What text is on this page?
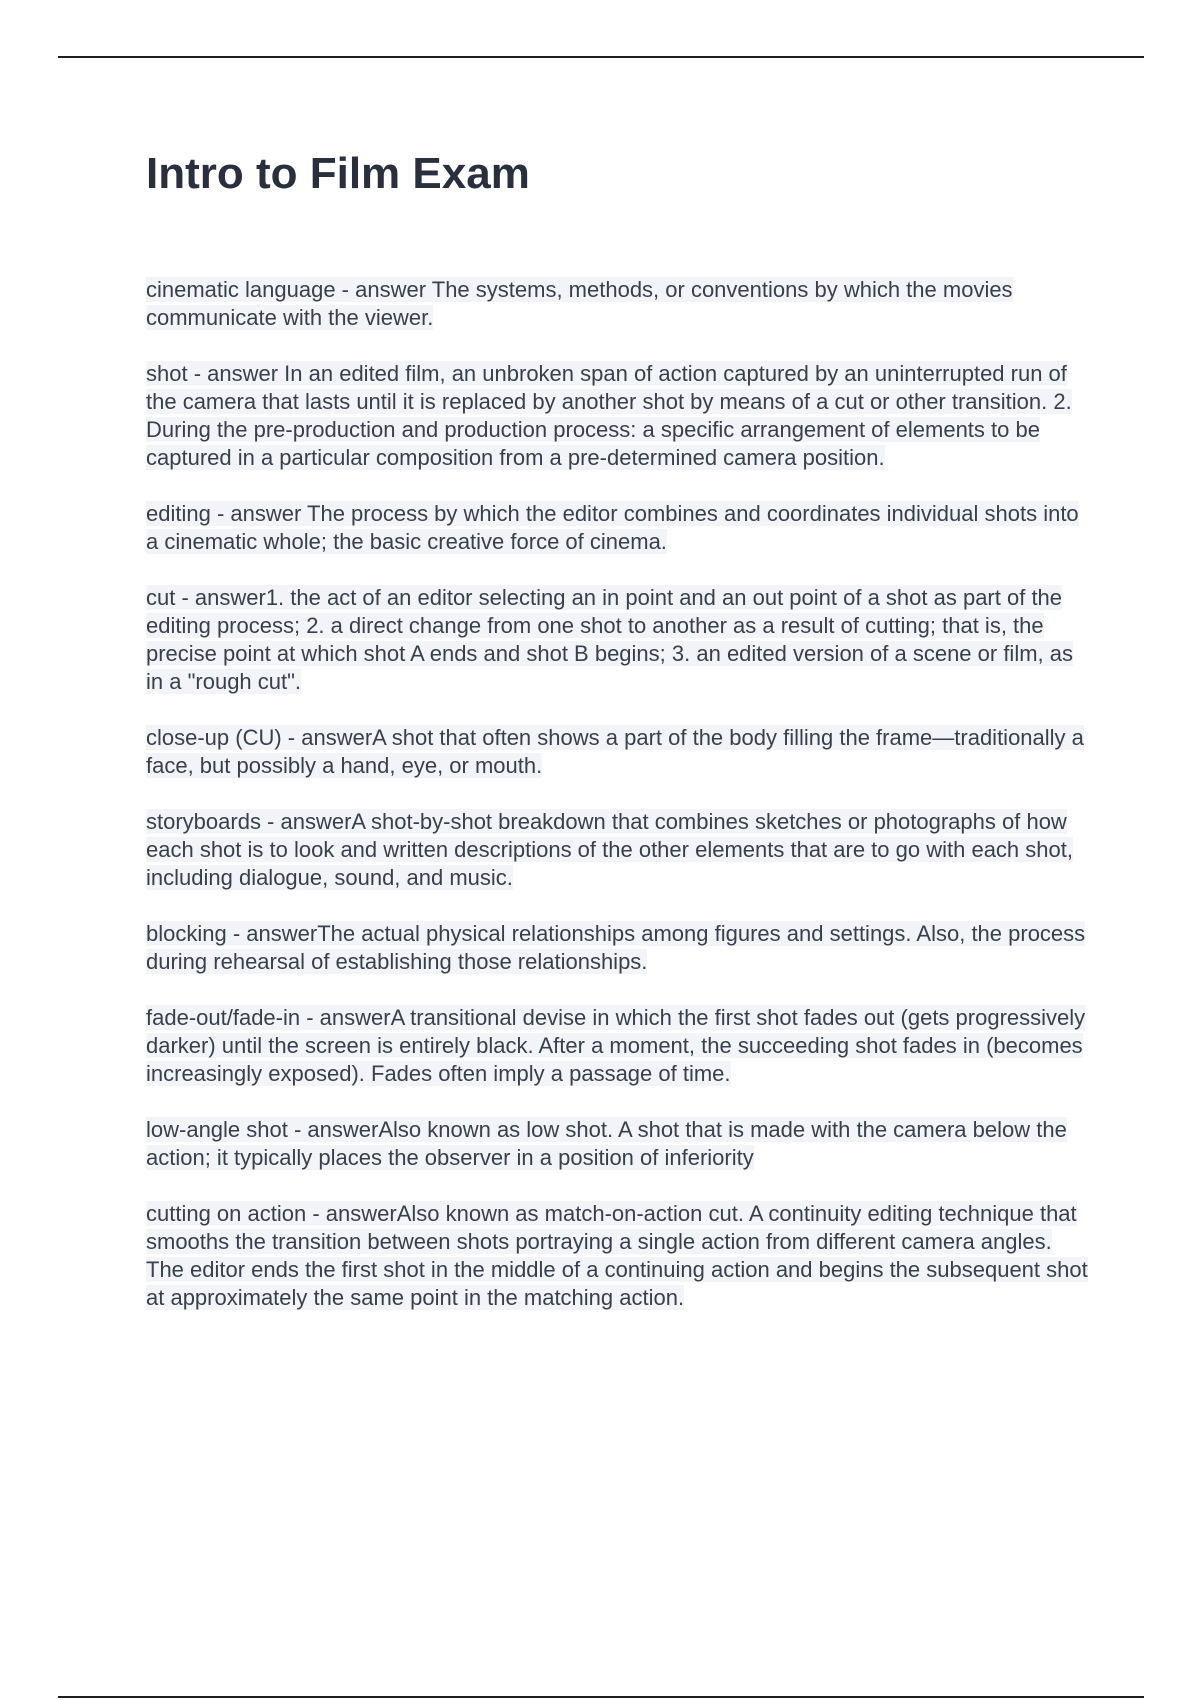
Intro to Film Exam

cinematic language - answer The systems, methods, or conventions by which the movies communicate with the viewer.

shot - answer In an edited film, an unbroken span of action captured by an uninterrupted run of the camera that lasts until it is replaced by another shot by means of a cut or other transition. 2. During the pre-production and production process: a specific arrangement of elements to be captured in a particular composition from a pre-determined camera position.

editing - answer The process by which the editor combines and coordinates individual shots into a cinematic whole; the basic creative force of cinema.

cut - answer1. the act of an editor selecting an in point and an out point of a shot as part of the editing process; 2. a direct change from one shot to another as a result of cutting; that is, the precise point at which shot A ends and shot B begins; 3. an edited version of a scene or film, as in a "rough cut".

close-up (CU) - answerA shot that often shows a part of the body filling the frame—traditionally a face, but possibly a hand, eye, or mouth.

storyboards - answerA shot-by-shot breakdown that combines sketches or photographs of how each shot is to look and written descriptions of the other elements that are to go with each shot, including dialogue, sound, and music.

blocking - answerThe actual physical relationships among figures and settings. Also, the process during rehearsal of establishing those relationships.

fade-out/fade-in - answerA transitional devise in which the first shot fades out (gets progressively darker) until the screen is entirely black. After a moment, the succeeding shot fades in (becomes increasingly exposed). Fades often imply a passage of time.

low-angle shot - answerAlso known as low shot. A shot that is made with the camera below the action; it typically places the observer in a position of inferiority

cutting on action - answerAlso known as match-on-action cut. A continuity editing technique that smooths the transition between shots portraying a single action from different camera angles. The editor ends the first shot in the middle of a continuing action and begins the subsequent shot at approximately the same point in the matching action.
